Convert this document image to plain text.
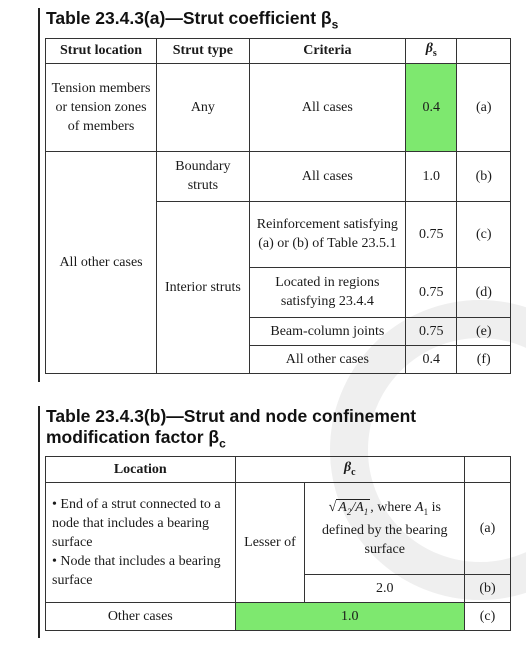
Table 23.4.3(a)—Strut coefficient $\beta_s$
Strut location	Strut type	Criteria	$\beta_s$	
Tension members or tension zones of members	Any	All cases	0.4	(a)
All other cases	Boundary struts	All cases	1.0	(b)
	Interior struts	Reinforcement satisfying (a) or (b) of Table 23.5.1	0.75	(c)
		Located in regions satisfying 23.4.4	0.75	(d)
		Beam-column joints	0.75	(e)
		All other cases	0.4	(f)
Table 23.4.3(b)—Strut and node confinement
modification factor $\beta_c$
Location	$\beta_c$	

• End of a strut connected to a node that includes a bearing surface
• Node that includes a bearing surface	Lesser of	√ $A_2/A_1$ , where $A_1$ is defined by the bearing surface	(a)
		2.0	(b)
Other cases	1.0		(c)
